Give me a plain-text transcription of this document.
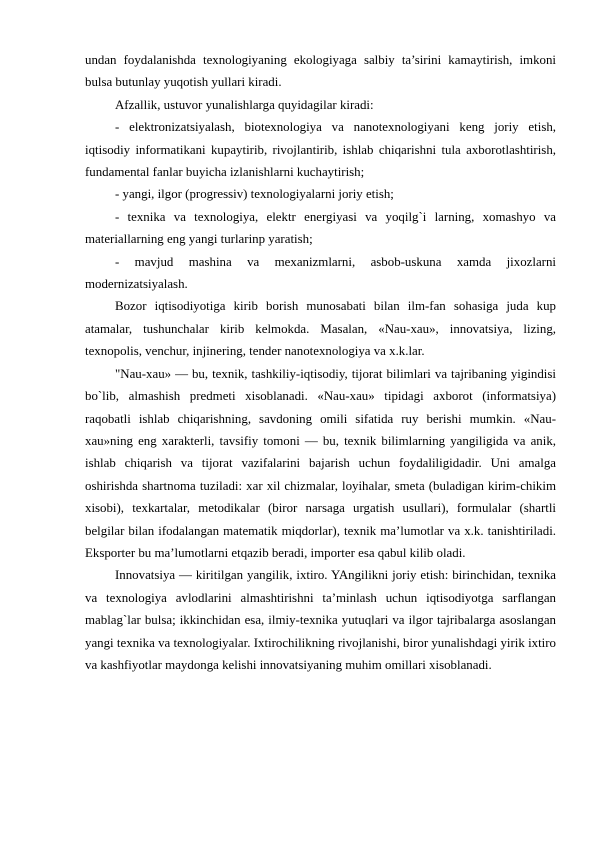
undan foydalanishda texnologiyaning ekologiyaga salbiy ta’sirini kamaytirish, imkoni bulsa butunlay yuqotish yullari kiradi.

Afzallik, ustuvor yunalishlarga quyidagilar kiradi:

- elektronizatsiyalash, biotexnologiya va nanotexnologiyani keng joriy etish, iqtisodiy informatikani kupaytirib, rivojlantirib, ishlab chiqarishni tula axborotlashtirish, fundamental fanlar buyicha izlanishlarni kuchaytirish;

- yangi, ilgor (progressiv) texnologiyalarni joriy etish;

- texnika va texnologiya, elektr energiyasi va yoqilg`i larning, xomashyo va materiallarning eng yangi turlarinp yaratish;

- mavjud mashina va mexanizmlarni, asbob-uskuna xamda jixozlarni modernizatsiyalash.

Bozor iqtisodiyotiga kirib borish munosabati bilan ilm-fan sohasiga juda kup atamalar, tushunchalar kirib kelmokda. Masalan, «Nau-xau», innovatsiya, lizing, texnopolis, venchur, injinering, tender nanotexnologiya va x.k.lar.

"Nau-xau» — bu, texnik, tashkiliy-iqtisodiy, tijorat bilimlari va tajribaning yigindisi bo`lib, almashish predmeti xisoblanadi. «Nau-xau» tipidagi axborot (informatsiya) raqobatli ishlab chiqarishning, savdoning omili sifatida ruy berishi mumkin. «Nau-xau»ning eng xarakterli, tavsifiy tomoni — bu, texnik bilimlarning yangiligida va anik, ishlab chiqarish va tijorat vazifalarini bajarish uchun foydaliligidadir. Uni amalga oshirishda shartnoma tuziladi: xar xil chizmalar, loyihalar, smeta (buladigan kirim-chikim xisobi), texkartalar, metodikalar (biror narsaga urgatish usullari), formulalar (shartli belgilar bilan ifodalangan matematik miqdorlar), texnik ma’lumotlar va x.k. tanishtiriladi. Eksporter bu ma’lumotlarni etqazib beradi, importer esa qabul kilib oladi.

Innovatsiya — kiritilgan yangilik, ixtiro. YAngilikni joriy etish: birinchidan, texnika va texnologiya avlodlarini almashtirishni ta’minlash uchun iqtisodiyotga sarflangan mablag`lar bulsa; ikkinchidan esa, ilmiy-texnika yutuqlari va ilgor tajribalarga asoslangan yangi texnika va texnologiyalar. Ixtirochilikning rivojlanishi, biror yunalishdagi yirik ixtiro va kashfiyotlar maydonga kelishi innovatsiyaning muhim omillari xisoblanadi.
